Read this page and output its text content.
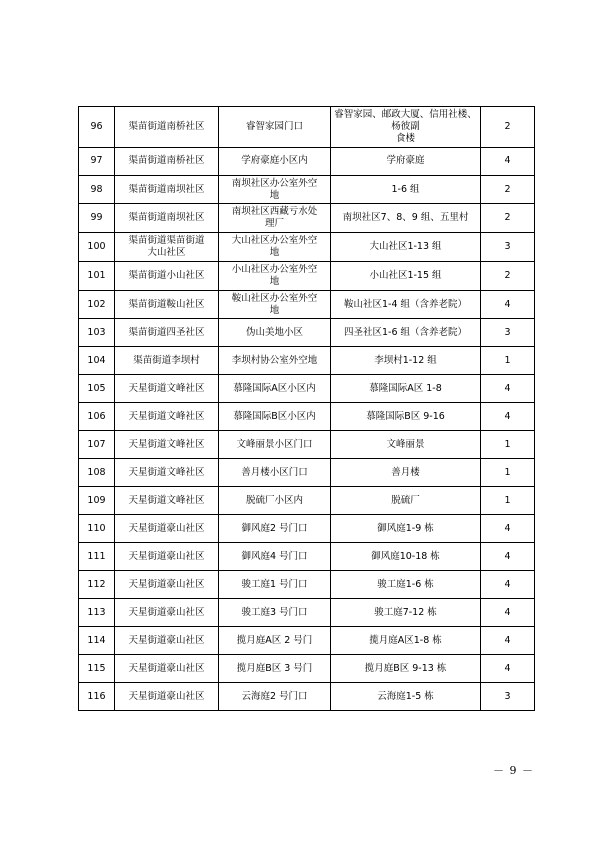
96	渠苗街道南桥社区	睿智家园门口	睿智家园、邮政大厦、信用社楼、杨彼副
食楼	2
97	渠苗街道南桥社区	学府豪庭小区内	学府豪庭	4
98	渠苗街道南坝社区	南坝社区办公室外空
地	1-6 组	2
99	渠苗街道南坝社区	南坝社区西藏亏水处
理厂	南坝社区7、8、9 组、五里村	2
100	渠苗街道渠苗街道
大山社区	大山社区办公室外空
地	大山社区1-13 组	3
101	渠苗街道小山社区	小山社区办公室外空
地	小山社区1-15 组	2
102	渠苗街道鞍山社区	鞍山社区办公室外空
地	鞍山社区1-4 组（含养老院）	4
103	渠苗街道四圣社区	伪山美地小区	四圣社区1-6 组（含养老院）	3
104	渠苗街道李坝村	李坝村协公室外空地	李坝村1-12 组	1
105	天星街道文峰社区	慕隆国际A区小区内	慕隆国际A区 1-8	4
106	天星街道文峰社区	慕隆国际B区小区内	慕隆国际B区 9-16	4
107	天星街道文峰社区	文峰丽景小区门口	文峰丽景	1
108	天星街道文峰社区	善月楼小区门口	善月楼	1
109	天星街道文峰社区	脱硫厂小区内	脱硫厂	1
110	天星街道豪山社区	御风庭2 号门口	御风庭1-9 栋	4
111	天星街道豪山社区	御风庭4 号门口	御风庭10-18 栋	4
112	天星街道豪山社区	骏工庭1 号门口	骏工庭1-6 栋	4
113	天星街道豪山社区	骏工庭3 号门口	骏工庭7-12 栋	4
114	天星街道豪山社区	揽月庭A区 2 号门	揽月庭A区1-8 栋	4
115	天星街道豪山社区	揽月庭B区 3 号门	揽月庭B区 9-13 栋	4
116	天星街道豪山社区	云海庭2 号门口	云海庭1-5 栋	3
－ 9 －
